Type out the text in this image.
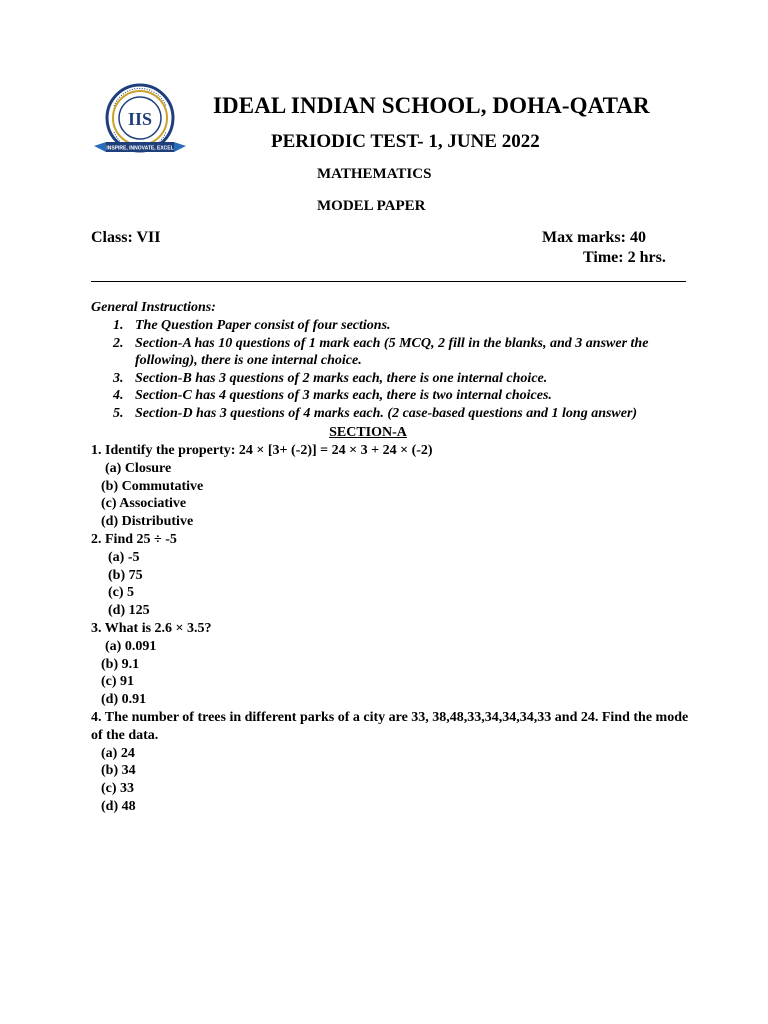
IIS
INSPIRE, INNOVATE, EXCEL
IDEAL INDIAN SCHOOL, DOHA-QATAR
PERIODIC TEST- 1, JUNE 2022
MATHEMATICS
MODEL PAPER
Class: VII	Max marks: 40
Time: 2 hrs.
General Instructions:
1. The Question Paper consist of four sections.
2. Section-A has 10 questions of 1 mark each (5 MCQ, 2 fill in the blanks, and 3 answer the following), there is one internal choice.
3. Section-B has 3 questions of 2 marks each, there is one internal choice.
4. Section-C has 4 questions of 3 marks each, there is two internal choices.
5. Section-D has 3 questions of 4 marks each. (2 case-based questions and 1 long answer)
SECTION-A
1. Identify the property: 24 × [3+ (-2)] = 24 × 3 + 24 × (-2)
(a) Closure
(b) Commutative
(c) Associative
(d) Distributive
2. Find 25 ÷ -5
(a) -5
(b) 75
(c) 5
(d) 125
3. What is 2.6 × 3.5?
(a) 0.091
(b) 9.1
(c) 91
(d) 0.91
4. The number of trees in different parks of a city are 33, 38,48,33,34,34,34,33 and 24. Find the mode of the data.
(a) 24
(b) 34
(c) 33
(d) 48
